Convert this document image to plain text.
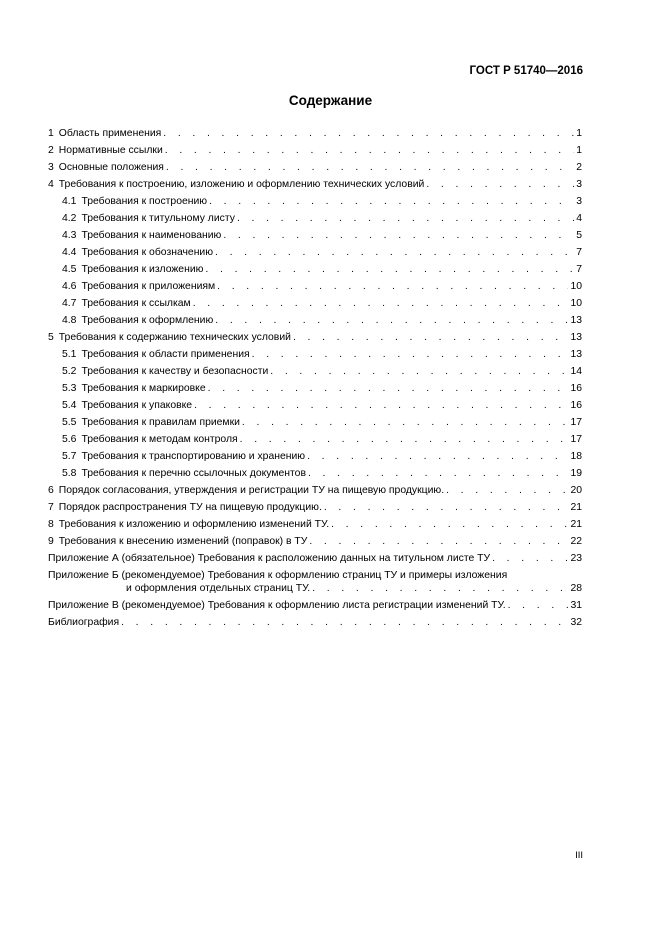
ГОСТ Р 51740—2016
Содержание
1 Область применения . . .	1
2 Нормативные ссылки . . .	1
3 Основные положения . . .	2
4 Требования к построению, изложению и оформлению технических условий . . .	3
4.1 Требования к построению . . .	3
4.2 Требования к титульному листу . . .	4
4.3 Требования к наименованию . . .	5
4.4 Требования к обозначению . . .	7
4.5 Требования к изложению . . .	7
4.6 Требования к приложениям . . .	10
4.7 Требования к ссылкам . . .	10
4.8 Требования к оформлению . . .	13
5 Требования к содержанию технических условий . . .	13
5.1 Требования к области применения . . .	13
5.2 Требования к качеству и безопасности . . .	14
5.3 Требования к маркировке . . .	16
5.4 Требования к упаковке . . .	16
5.5 Требования к правилам приемки . . .	17
5.6 Требования к методам контроля . . .	17
5.7 Требования к транспортированию и хранению . . .	18
5.8 Требования к перечню ссылочных документов . . .	19
6 Порядок согласования, утверждения и регистрации ТУ на пищевую продукцию. . . .	20
7 Порядок распространения ТУ на пищевую продукцию. . . .	21
8 Требования к изложению и оформлению изменений ТУ. . . .	21
9 Требования к внесению изменений (поправок) в ТУ . . .	22
Приложение А (обязательное) Требования к расположению данных на титульном листе ТУ . . .	23
Приложение Б (рекомендуемое) Требования к оформлению страниц ТУ и примеры изложения
и оформления отдельных страниц ТУ. . . .	28
Приложение В (рекомендуемое) Требования к оформлению листа регистрации изменений ТУ. . . .	31
Библиография . . .	32
III
